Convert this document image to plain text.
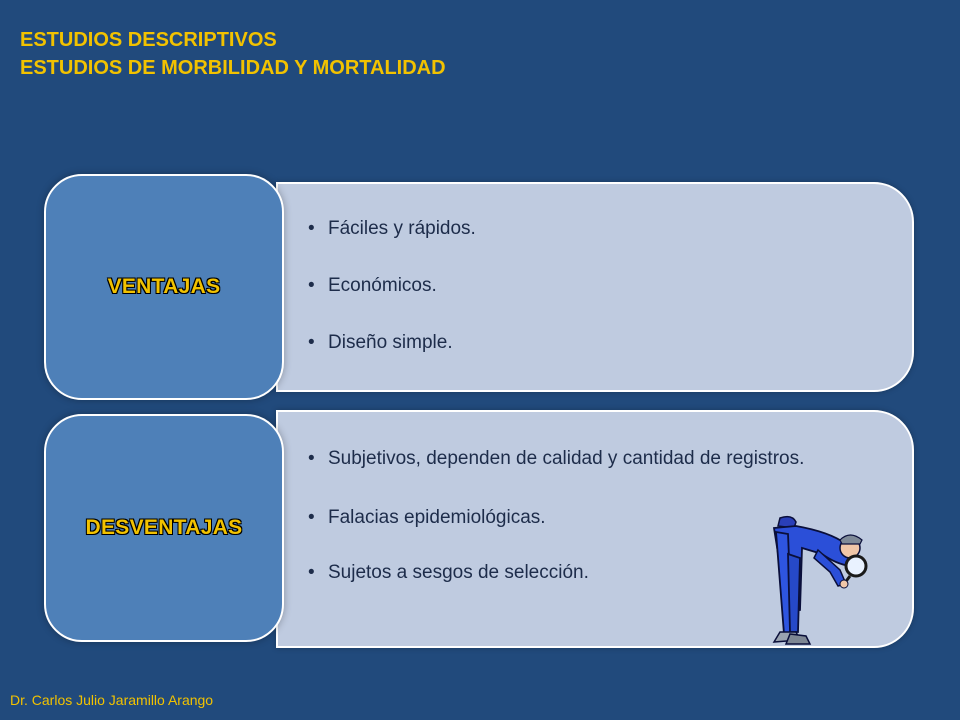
ESTUDIOS DESCRIPTIVOS
ESTUDIOS DE MORBILIDAD Y MORTALIDAD
VENTAJAS
DESVENTAJAS
• Fáciles y rápidos.
• Económicos.
• Diseño simple.
• Subjetivos, dependen de calidad y cantidad de registros.
• Falacias epidemiológicas.
• Sujetos a sesgos de selección.
Dr. Carlos Julio Jaramillo Arango
